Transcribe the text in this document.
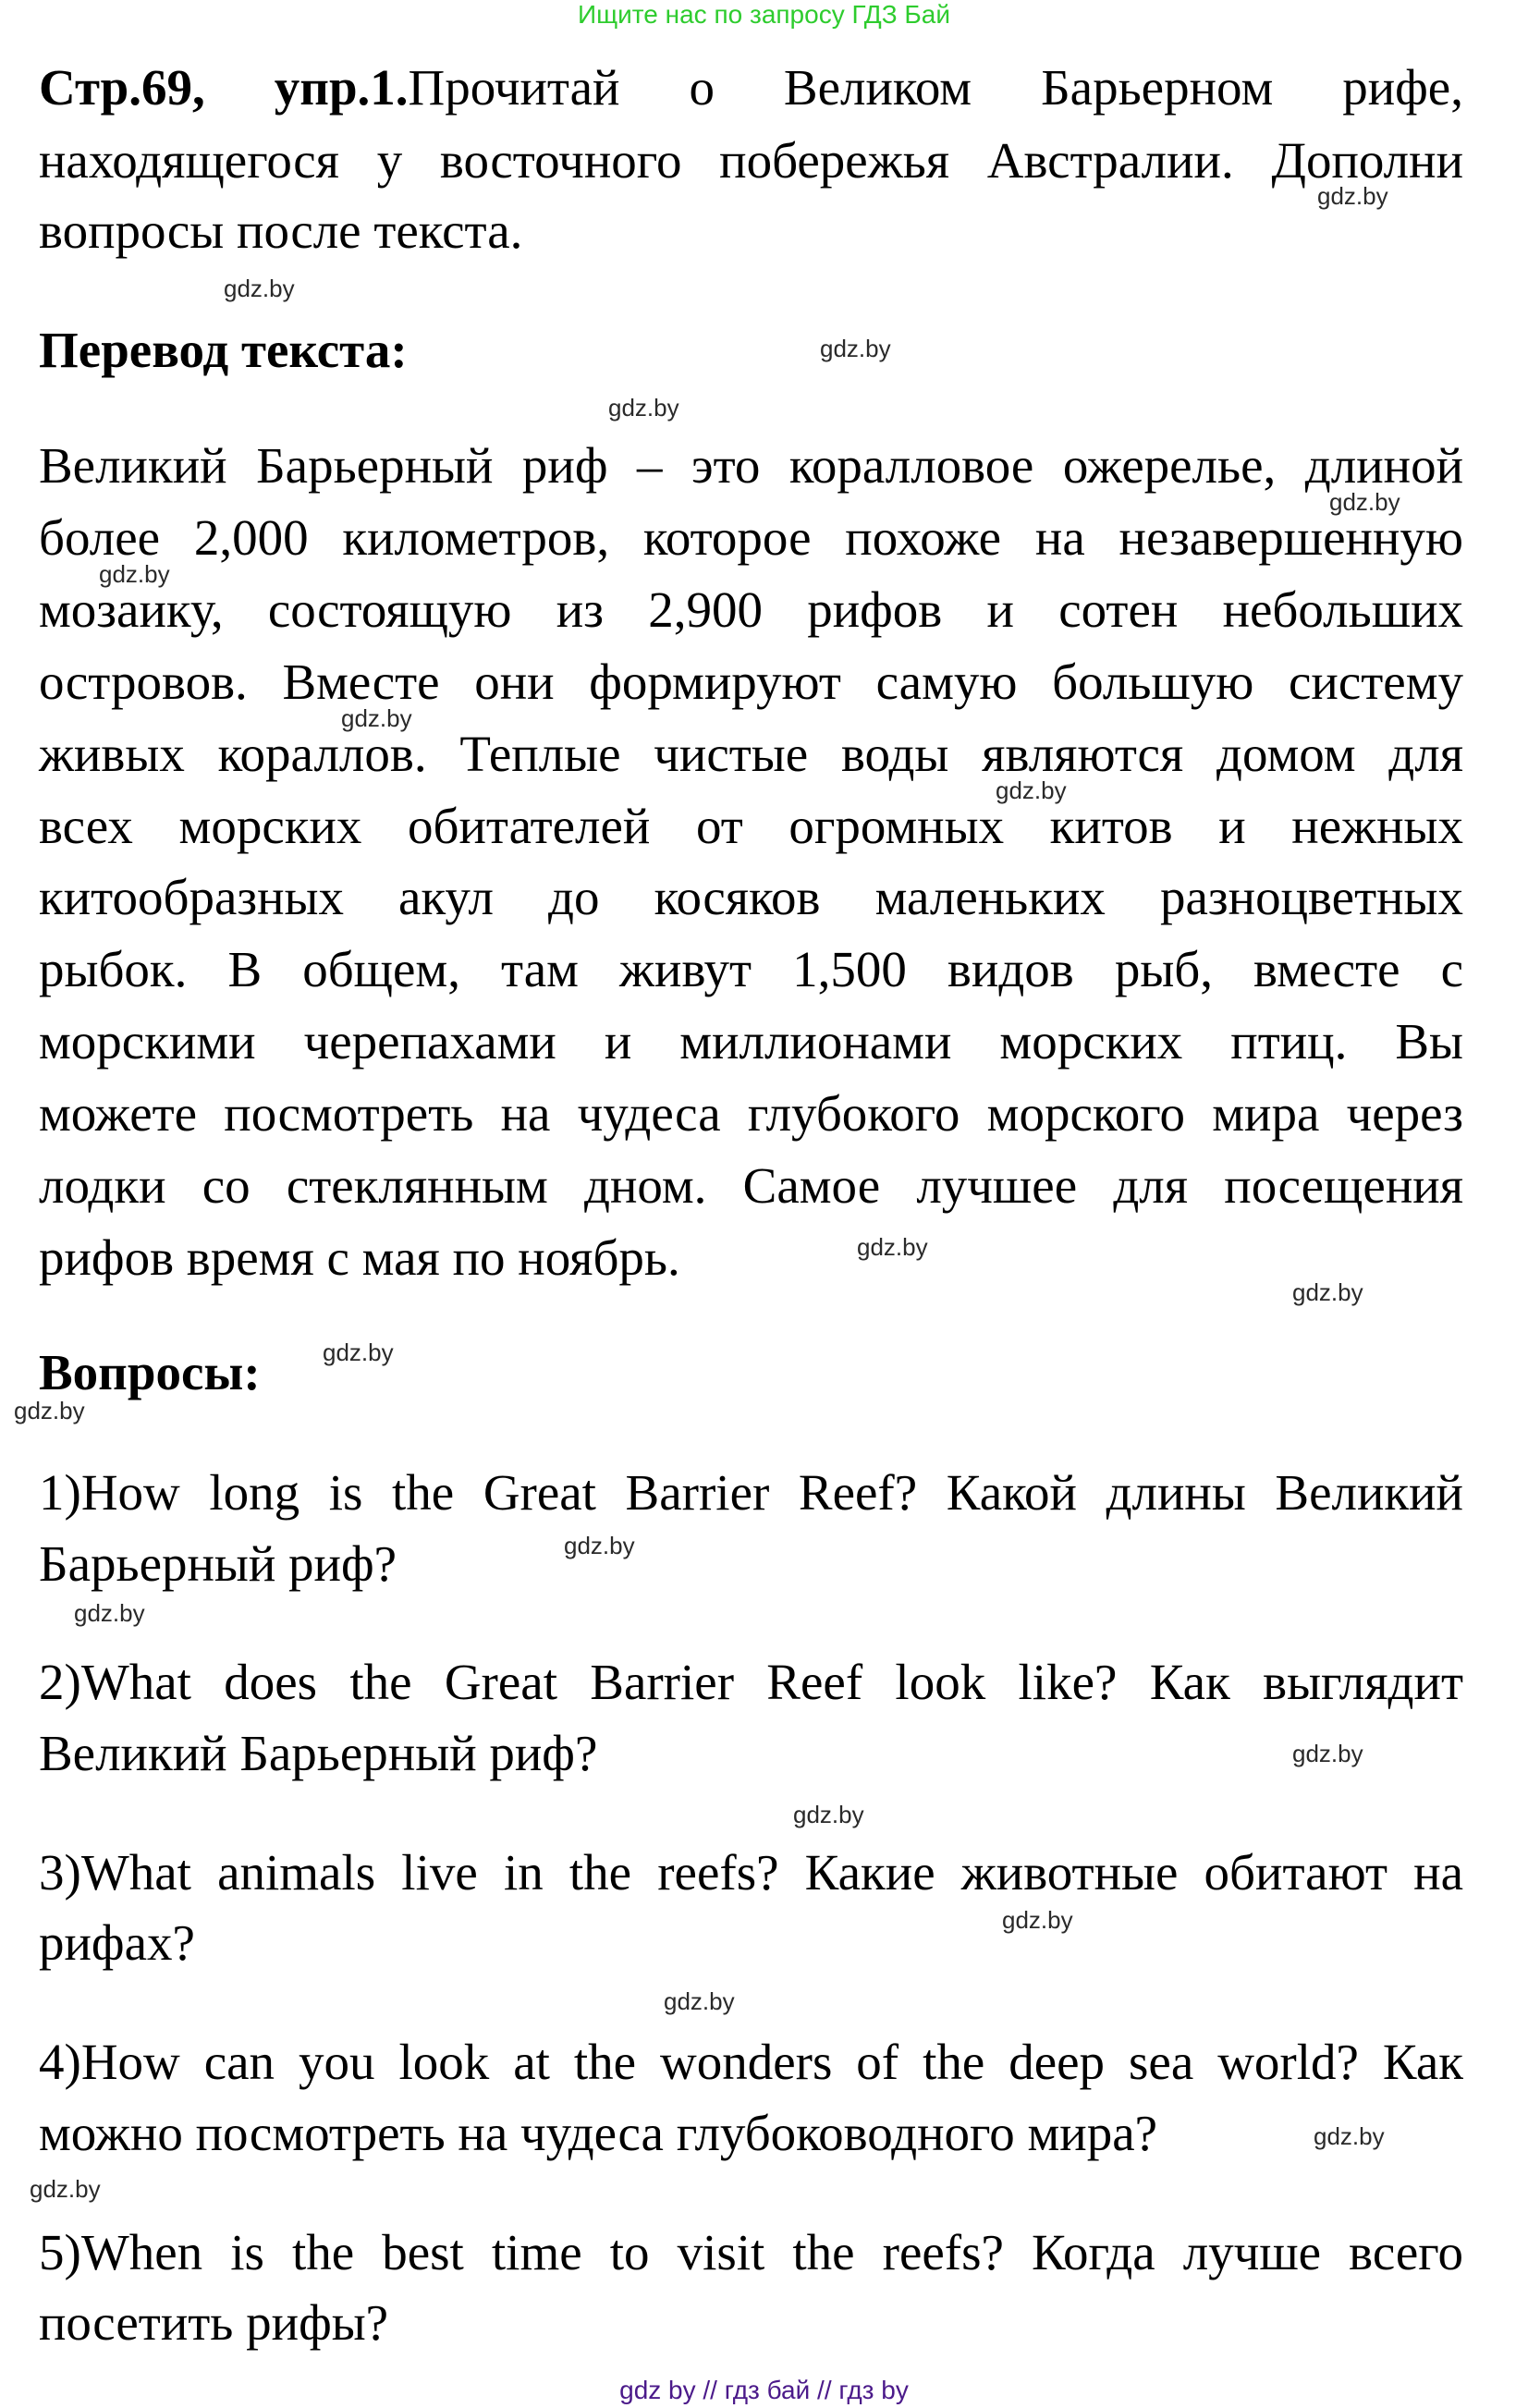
Ищите нас по запросу ГДЗ Бай
Стр.69, упр.1.Прочитай о Великом Барьерном рифе,
находящегося у восточного побережья Австралии. Дополни
вопросы после текста.
Перевод текста:
Великий Барьерный риф – это коралловое ожерелье, длиной
более 2,000 километров, которое похоже на незавершенную
мозаику, состоящую из 2,900 рифов и сотен небольших
островов. Вместе они формируют самую большую систему
живых кораллов. Теплые чистые воды являются домом для
всех морских обитателей от огромных китов и нежных
китообразных акул до косяков маленьких разноцветных
рыбок. В общем, там живут 1,500 видов рыб, вместе с
морскими черепахами и миллионами морских птиц. Вы
можете посмотреть на чудеса глубокого морского мира через
лодки со стеклянным дном. Самое лучшее для посещения
рифов время с мая по ноябрь.
Вопросы:
1)How long is the Great Barrier Reef? Какой длины Великий
Барьерный риф?
2)What does the Great Barrier Reef look like? Как выглядит
Великий Барьерный риф?
3)What animals live in the reefs? Какие животные обитают на
рифах?
4)How can you look at the wonders of the deep sea world? Как
можно посмотреть на чудеса глубоководного мира?
5)When is the best time to visit the reefs? Когда лучше всего
посетить рифы?
gdz.by
gdz.by
gdz.by
gdz.by
gdz.by
gdz.by
gdz.by
gdz.by
gdz.by
gdz.by
gdz.by
gdz.by
gdz.by
gdz.by
gdz.by
gdz.by
gdz.by
gdz.by
gdz.by
gdz.by
gdz by // гдз бай // гдз by
